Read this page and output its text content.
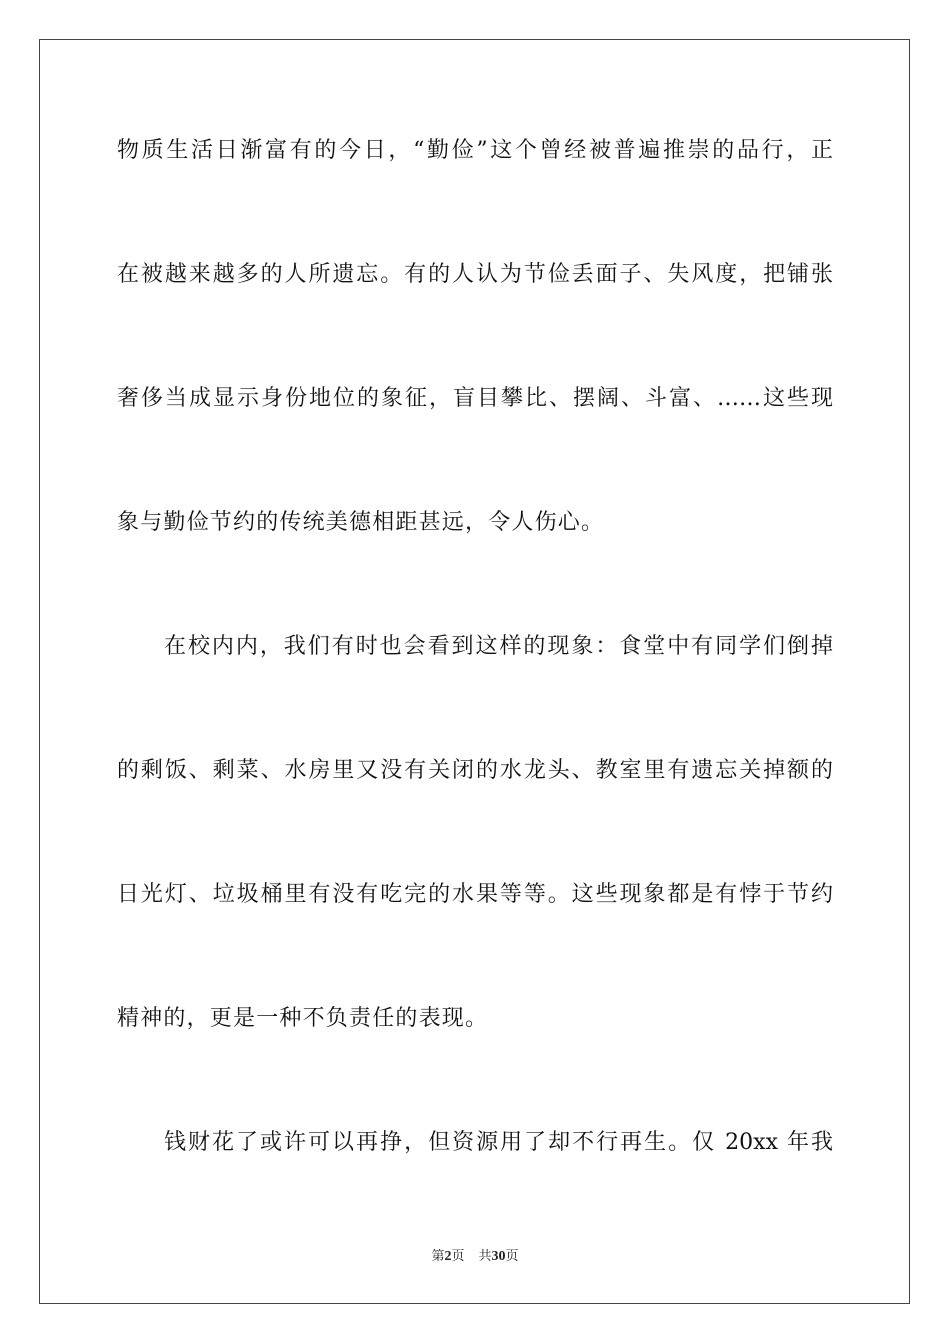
物质生活日渐富有的今日，“勤俭”这个曾经被普遍推崇的品行，正
在被越来越多的人所遗忘。有的人认为节俭丢面子、失风度，把铺张
奢侈当成显示身份地位的象征，盲目攀比、摆阔、斗富、……这些现
象与勤俭节约的传统美德相距甚远，令人伤心。
在校内内，我们有时也会看到这样的现象：食堂中有同学们倒掉
的剩饭、剩菜、水房里又没有关闭的水龙头、教室里有遗忘关掉额的
日光灯、垃圾桶里有没有吃完的水果等等。这些现象都是有悖于节约
精神的，更是一种不负责任的表现。
钱财花了或许可以再挣，但资源用了却不行再生。仅 20xx 年我
第2页 共30页
